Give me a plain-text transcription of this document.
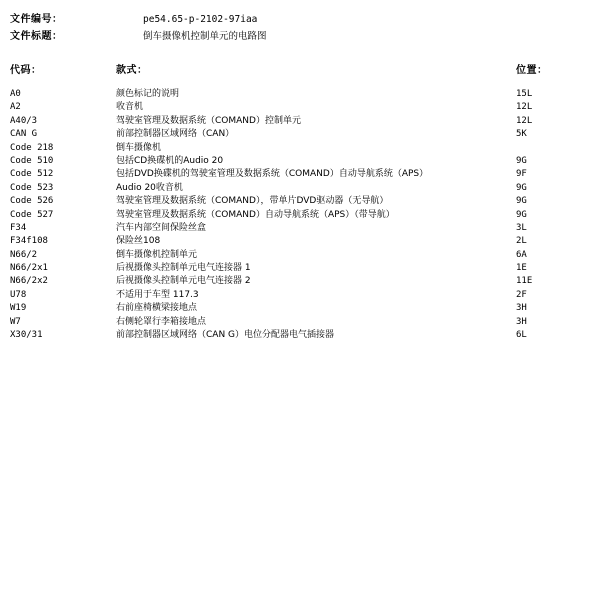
文件编号：	pe54.65-p-2102-97iaa
文件标题：	倒车摄像机控制单元的电路图
代码：	款式：	位置：
A0	颜色标记的说明	15L
A2	收音机	12L
A40/3	驾驶室管理及数据系统（COMAND）控制单元	12L
CAN G	前部控制器区域网络（CAN）	5K
Code 218	倒车摄像机
Code 510	包括CD换碟机的Audio 20	9G
Code 512	包括DVD换碟机的驾驶室管理及数据系统（COMAND）自动导航系统（APS）	9F
Code 523	Audio 20收音机	9G
Code 526	驾驶室管理及数据系统（COMAND），带单片DVD驱动器（无导航）	9G
Code 527	驾驶室管理及数据系统（COMAND）自动导航系统（APS）（带导航）	9G
F34	汽车内部空间保险丝盒	3L
F34f108	保险丝108	2L
N66/2	倒车摄像机控制单元	6A
N66/2x1	后视摄像头控制单元电气连接器 1	1E
N66/2x2	后视摄像头控制单元电气连接器 2	11E
U78	不适用于车型 117.3	2F
W19	右前座椅横梁接地点	3H
W7	右侧轮罩行李箱接地点	3H
X30/31	前部控制器区域网络（CAN G）电位分配器电气插接器	6L
